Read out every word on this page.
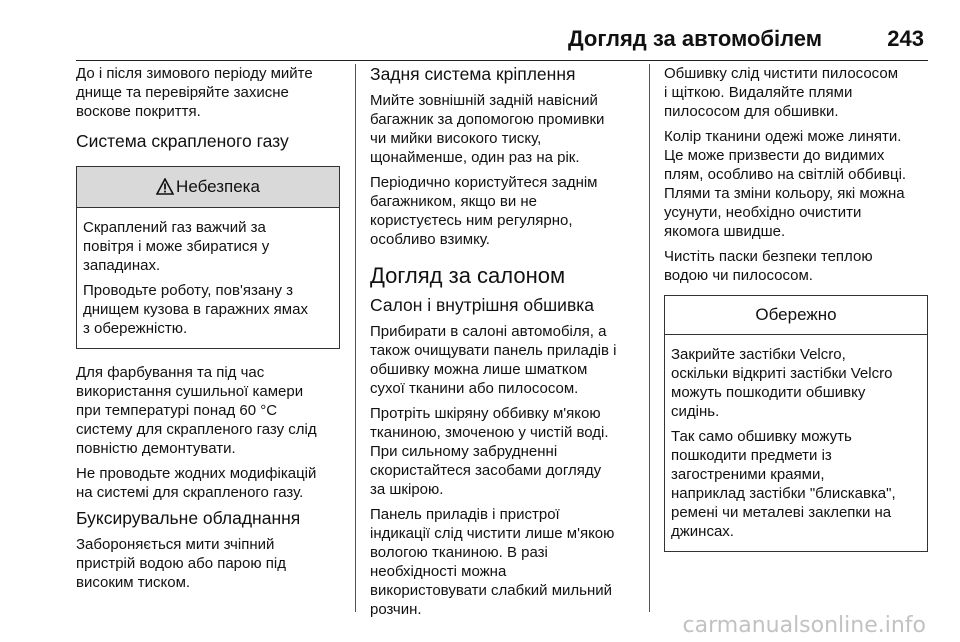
Догляд за автомобілем	243

До і після зимового періоду мийте
днище та перевіряйте захисне
воскове покриття.

Система скрапленого газу
Небезпека

Скраплений газ важчий за
повітря і може збиратися у
западинах.

Проводьте роботу, пов'язану з
днищем кузова в гаражних ямах
з обережністю.

Для фарбування та під час
використання сушильної камери
при температурі понад 60 °C
систему для скрапленого газу слід
повністю демонтувати.

Не проводьте жодних модифікацій
на системі для скрапленого газу.

Буксирувальне обладнання

Забороняється мити зчіпний
пристрій водою або парою під
високим тиском.

Задня система кріплення

Мийте зовнішній задній навісний
багажник за допомогою промивки
чи мийки високого тиску,
щонайменше, один раз на рік.

Періодично користуйтеся заднім
багажником, якщо ви не
користуєтесь ним регулярно,
особливо взимку.

Догляд за салоном
Салон і внутрішня обшивка

Прибирати в салоні автомобіля, а
також очищувати панель приладів і
обшивку можна лише шматком
сухої тканини або пилососом.

Протріть шкіряну оббивку м'якою
тканиною, змоченою у чистій воді.
При сильному забрудненні
скористайтеся засобами догляду
за шкірою.

Панель приладів і пристрої
індикації слід чистити лише м'якою
вологою тканиною. В разі
необхідності можна
використовувати слабкий мильний
розчин.

Обшивку слід чистити пилососом
і щіткою. Видаляйте плями
пилососом для обшивки.

Колір тканини одежі може линяти.
Це може призвести до видимих
плям, особливо на світлій оббивці.
Плями та зміни кольору, які можна
усунути, необхідно очистити
якомога швидше.

Чистіть паски безпеки теплою
водою чи пилососом.

Обережно

Закрийте застібки Velcro,
оскільки відкриті застібки Velcro
можуть пошкодити обшивку
сидінь.

Так само обшивку можуть
пошкодити предмети із
загостреними краями,
наприклад застібки "блискавка",
ремені чи металеві заклепки на
джинсах.

carmanualsonline.info
